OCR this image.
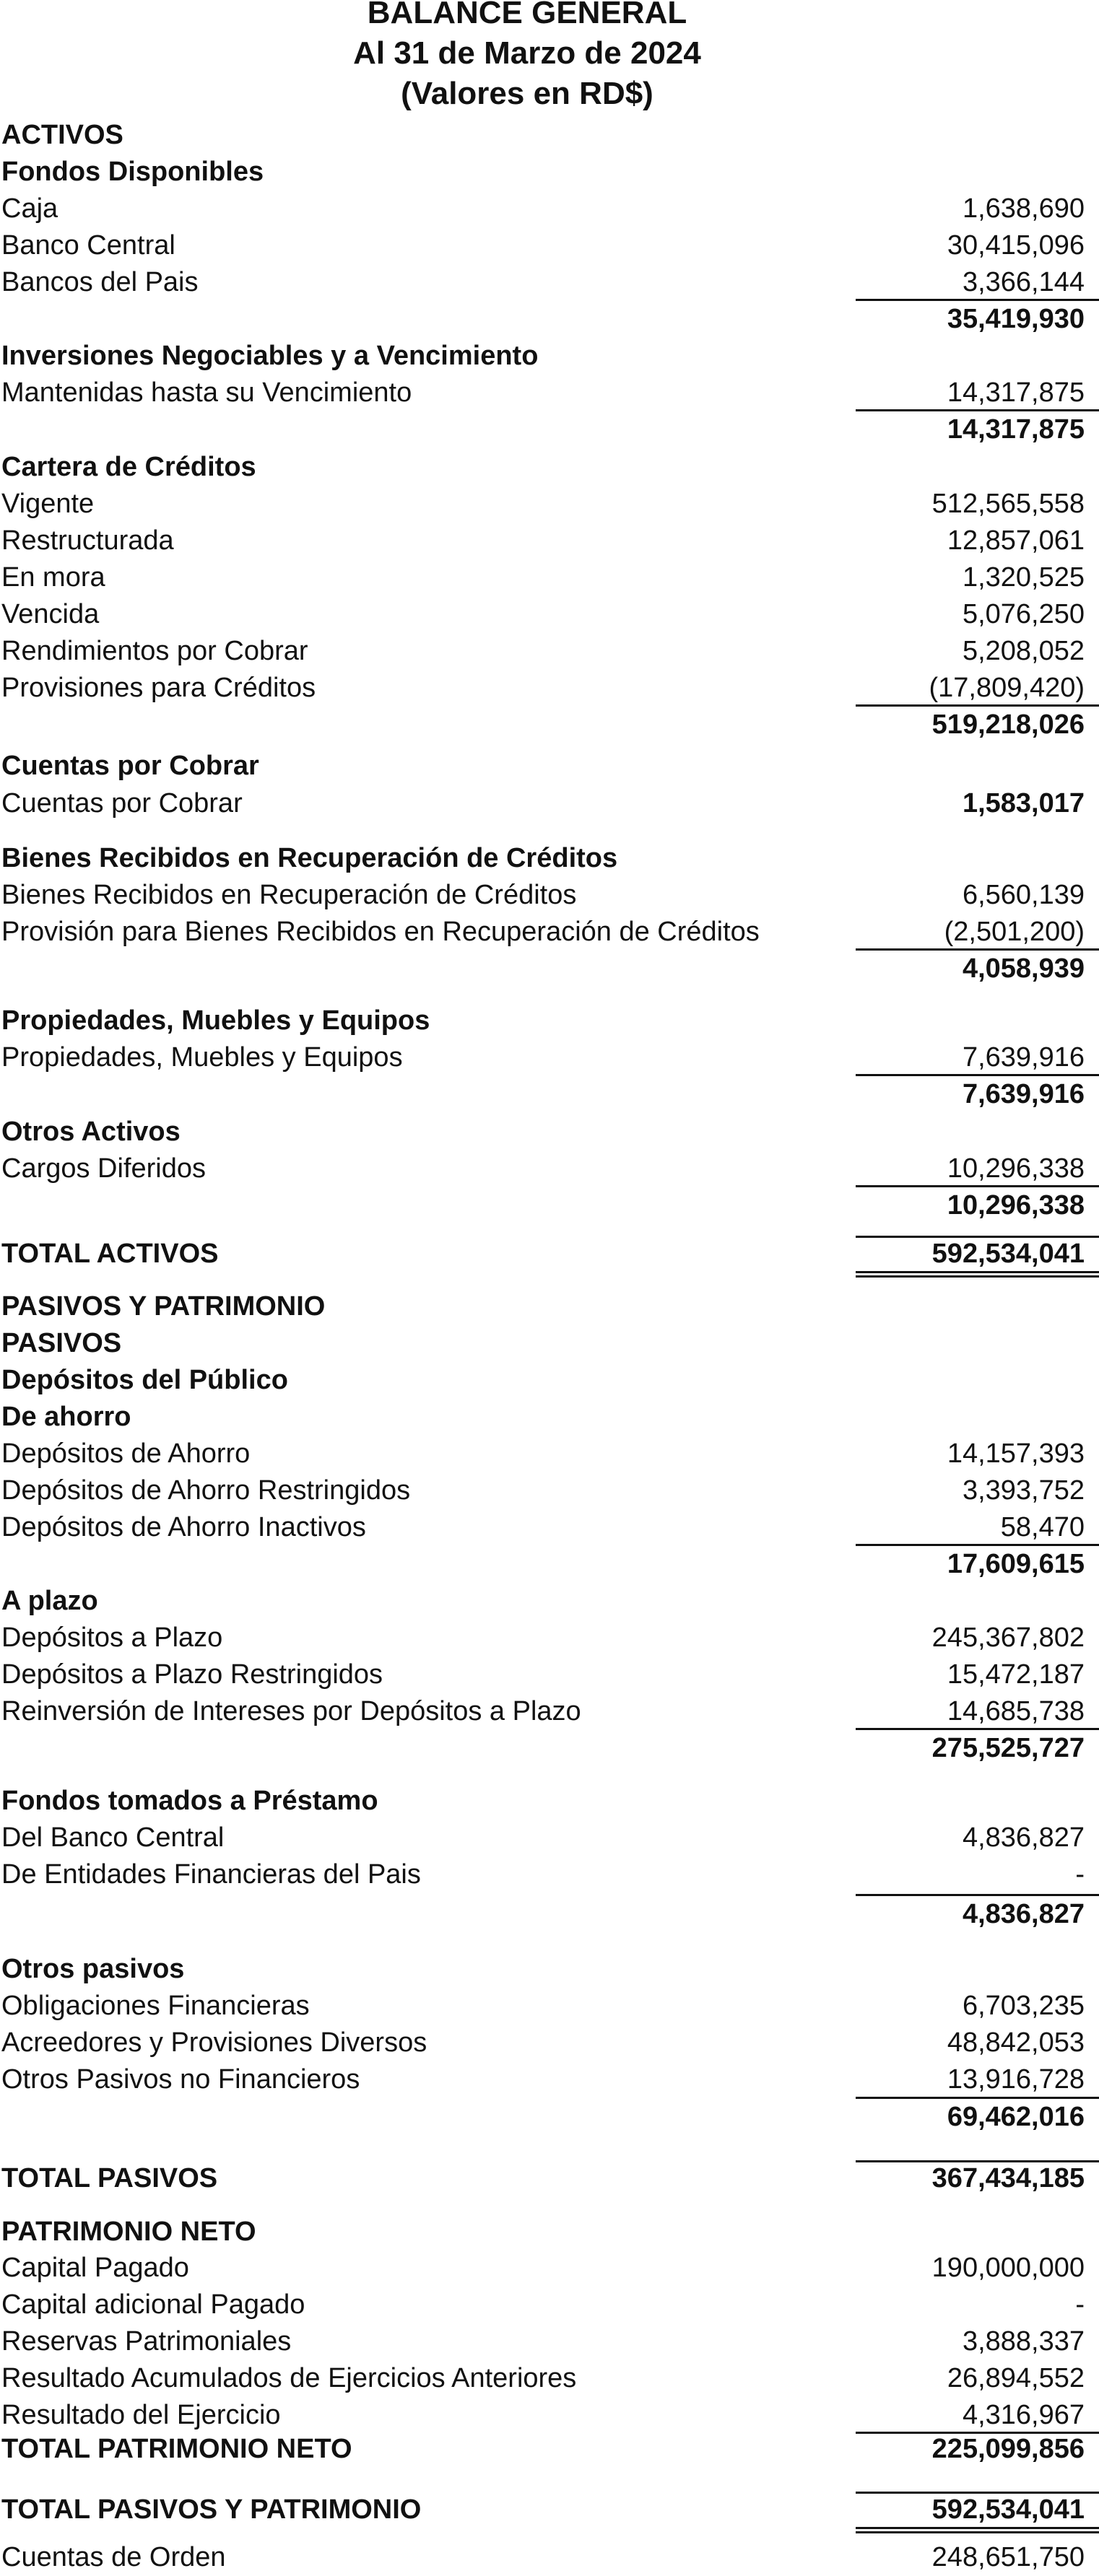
BALANCE GENERAL
Al 31 de Marzo de 2024
(Valores en RD$)
ACTIVOS
Fondos Disponibles
Caja	1,638,690
Banco Central	30,415,096
Bancos del Pais	3,366,144
35,419,930
Inversiones Negociables y a Vencimiento
Mantenidas hasta su Vencimiento	14,317,875
14,317,875
Cartera de Créditos
Vigente	512,565,558
Restructurada	12,857,061
En mora	1,320,525
Vencida	5,076,250
Rendimientos por Cobrar	5,208,052
Provisiones para Créditos	(17,809,420)
519,218,026
Cuentas por Cobrar
Cuentas por Cobrar	1,583,017
Bienes Recibidos en Recuperación de Créditos
Bienes Recibidos en Recuperación de Créditos	6,560,139
Provisión para Bienes Recibidos en Recuperación de Créditos	(2,501,200)
4,058,939
Propiedades, Muebles y Equipos
Propiedades, Muebles y Equipos	7,639,916
7,639,916
Otros Activos
Cargos Diferidos	10,296,338
10,296,338
TOTAL ACTIVOS	592,534,041
PASIVOS Y PATRIMONIO
PASIVOS
Depósitos del Público
De ahorro
Depósitos de Ahorro	14,157,393
Depósitos de Ahorro Restringidos	3,393,752
Depósitos de Ahorro Inactivos	58,470
17,609,615
A plazo
Depósitos a Plazo	245,367,802
Depósitos a Plazo Restringidos	15,472,187
Reinversión de Intereses por Depósitos a Plazo	14,685,738
275,525,727
Fondos tomados a Préstamo
Del Banco Central	4,836,827
De Entidades Financieras del Pais	-
4,836,827
Otros pasivos
Obligaciones Financieras	6,703,235
Acreedores y Provisiones Diversos	48,842,053
Otros Pasivos no Financieros	13,916,728
69,462,016
TOTAL PASIVOS	367,434,185
PATRIMONIO NETO
Capital Pagado	190,000,000
Capital adicional Pagado	-
Reservas Patrimoniales	3,888,337
Resultado Acumulados de Ejercicios Anteriores	26,894,552
Resultado del Ejercicio	4,316,967
TOTAL PATRIMONIO NETO	225,099,856
TOTAL PASIVOS Y PATRIMONIO	592,534,041
Cuentas de Orden	248,651,750
